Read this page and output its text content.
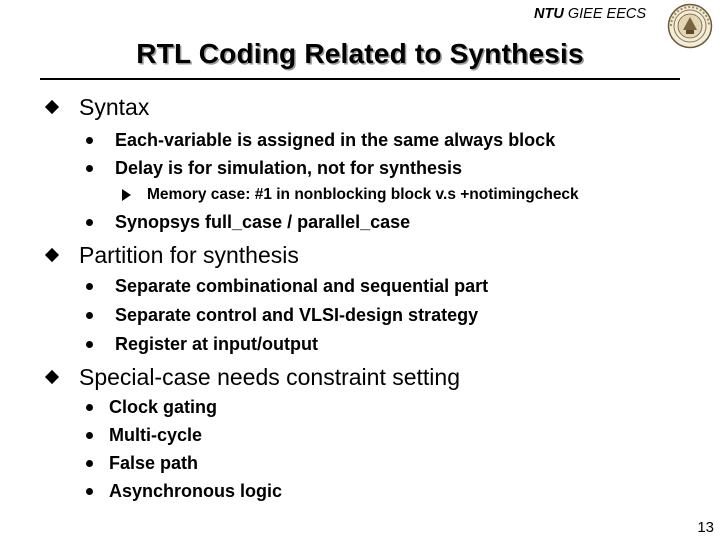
NTU GIEE EECS
RTL Coding Related to Synthesis
Syntax
Each-variable is assigned in the same always block
Delay is for simulation, not for synthesis
Memory case: #1 in nonblocking block v.s +notimingcheck
Synopsys full_case / parallel_case
Partition for synthesis
Separate combinational and sequential part
Separate control and VLSI-design strategy
Register at input/output
Special-case needs constraint setting
Clock gating
Multi-cycle
False path
Asynchronous logic
13
